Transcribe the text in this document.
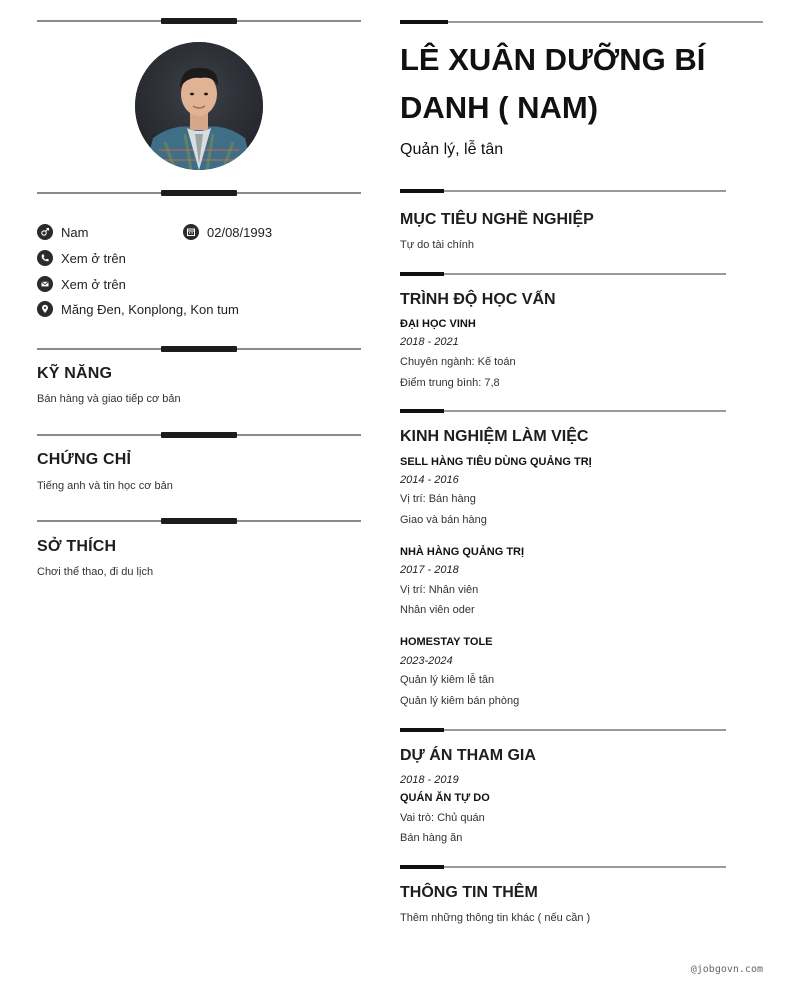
Nam	02/08/1993
Xem ở trên
Xem ở trên
Măng Đen, Konplong, Kon tum
KỸ NĂNG
Bán hàng và giao tiếp cơ bản
CHỨNG CHỈ
Tiếng anh và tin học cơ bản
SỞ THÍCH
Chơi thể thao, đi du lịch
LÊ XUÂN DƯỠNG BÍ DANH ( NAM)
Quản lý, lễ tân
MỤC TIÊU NGHỀ NGHIỆP
Tự do tài chính
TRÌNH ĐỘ HỌC VẤN
ĐẠI HỌC VINH
2018 - 2021
Chuyên ngành: Kế toán
Điểm trung bình: 7,8
KINH NGHIỆM LÀM VIỆC
SELL HÀNG TIÊU DÙNG QUẢNG TRỊ
2014 - 2016
Vị trí: Bán hàng
Giao và bán hàng
NHÀ HÀNG QUẢNG TRỊ
2017 - 2018
Vị trí: Nhân viên
Nhân viên oder
HOMESTAY TOLE
2023-2024
Quản lý kiêm lễ tân
Quản lý kiêm bán phòng
DỰ ÁN THAM GIA
2018 - 2019
QUÁN ĂN TỰ DO
Vai trò: Chủ quán
Bán hàng ăn
THÔNG TIN THÊM
Thêm những thông tin khác ( nếu cần )
@jobgovn.com
